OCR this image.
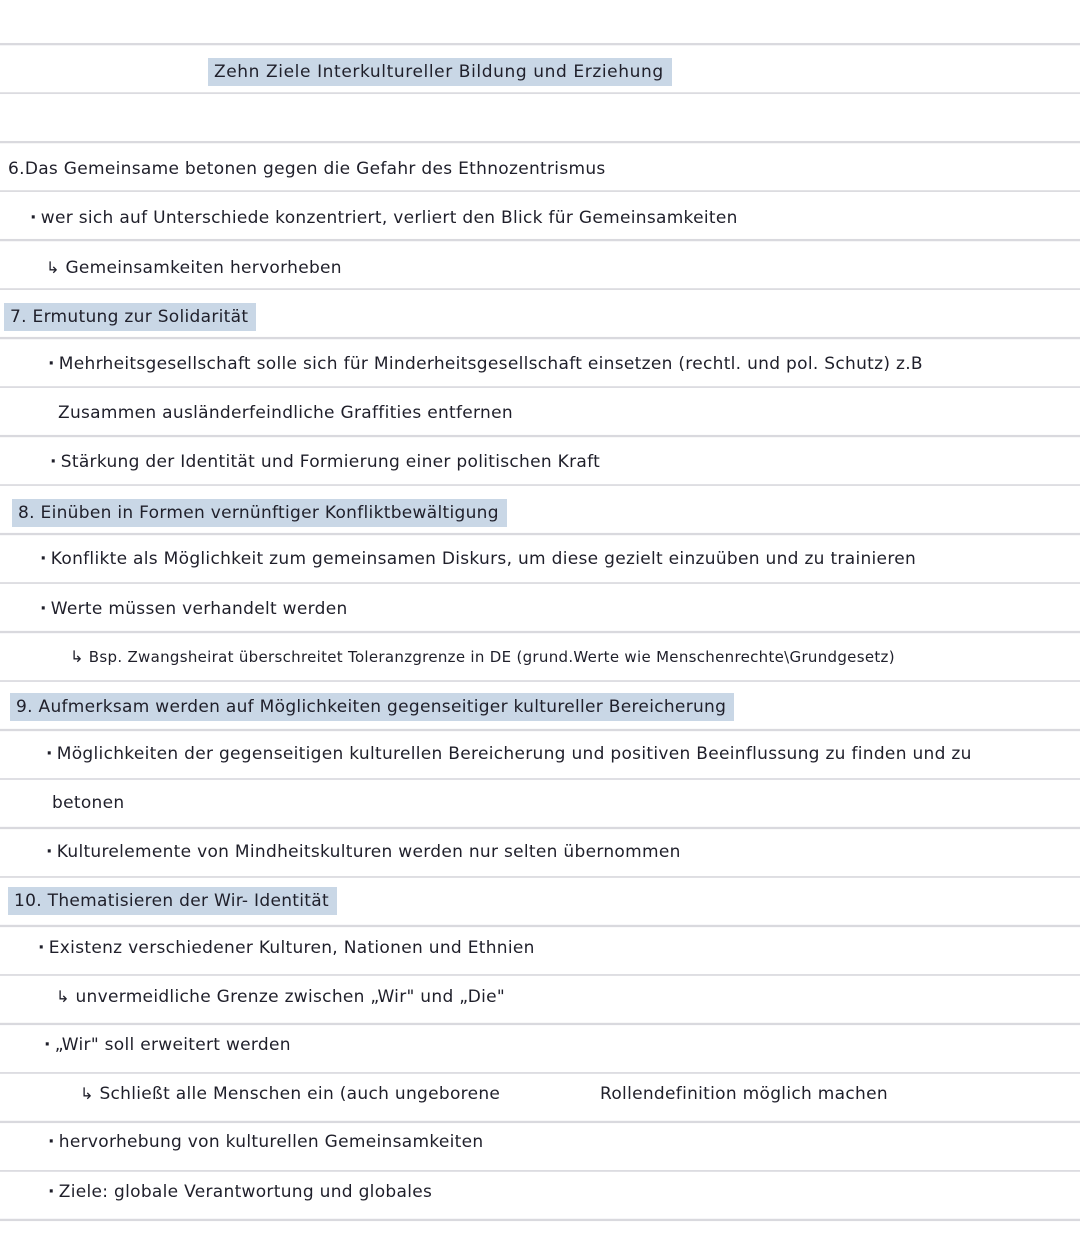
Zehn Ziele Interkultureller Bildung und Erziehung
6.Das Gemeinsame betonen gegen die Gefahr des Ethnozentrismus
· wer sich auf Unterschiede konzentriert, verliert den Blick für Gemeinsamkeiten
↳ Gemeinsamkeiten hervorheben
7. Ermutung zur Solidarität
· Mehrheitsgesellschaft solle sich für Minderheitsgesellschaft einsetzen (rechtl. und pol. Schutz) z.B
Zusammen ausländerfeindliche Graffities entfernen
· Stärkung der Identität und Formierung einer politischen Kraft
8. Einüben in Formen vernünftiger Konfliktbewältigung
· Konflikte als Möglichkeit zum gemeinsamen Diskurs, um diese gezielt einzuüben und zu trainieren
· Werte müssen verhandelt werden
↳ Bsp. Zwangsheirat überschreitet Toleranzgrenze in DE (grund.Werte wie Menschenrechte\Grundgesetz)
9. Aufmerksam werden auf Möglichkeiten gegenseitiger kultureller Bereicherung
· Möglichkeiten der gegenseitigen kulturellen Bereicherung und positiven Beeinflussung zu finden und zu
betonen
· Kulturelemente von Mindheitskulturen werden nur selten übernommen
10. Thematisieren der Wir- Identität
· Existenz verschiedener Kulturen, Nationen und Ethnien
↳ unvermeidliche Grenze zwischen „Wir" und „Die"
· „Wir" soll erweitert werden
↳ Schließt alle Menschen ein (auch ungeborene	Rollendefinition möglich machen
· hervorhebung von kulturellen Gemeinsamkeiten
· Ziele: globale Verantwortung und globales
